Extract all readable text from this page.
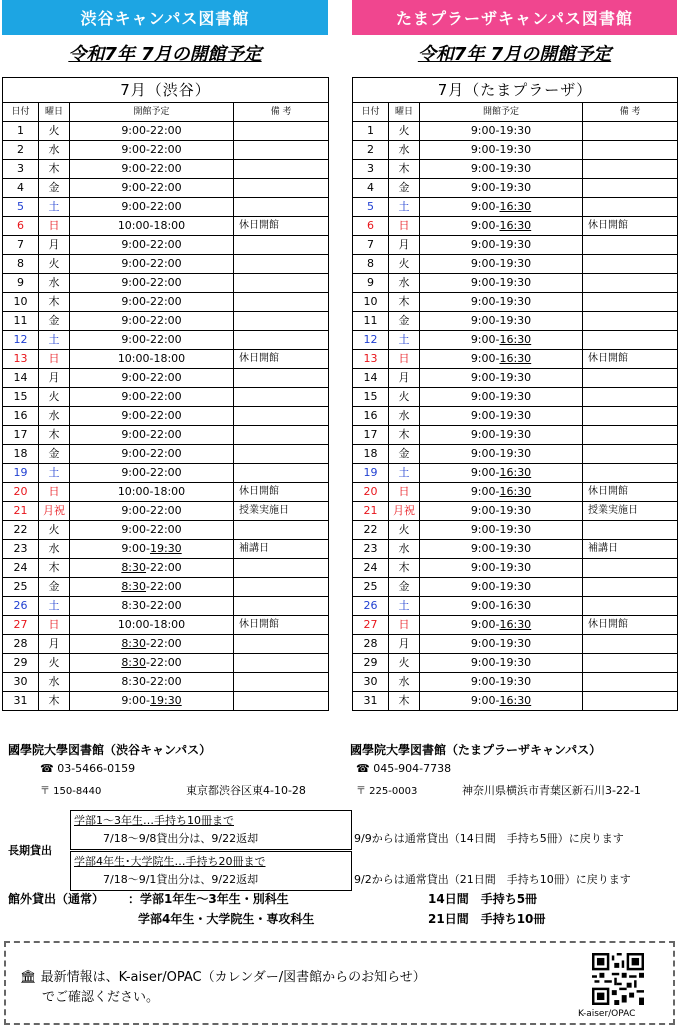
渋谷キャンパス図書館	たまプラーザキャンパス図書館
令和7年 7月の開館予定	令和7年 7月の開館予定
7月（渋谷）			
日付	曜日	開館予定	備 考
1	火	9:00-22:00	
2	水	9:00-22:00	
3	木	9:00-22:00	
4	金	9:00-22:00	
5	土	9:00-22:00	
6	日	10:00-18:00	休日開館
7	月	9:00-22:00	
8	火	9:00-22:00	
9	水	9:00-22:00	
10	木	9:00-22:00	
11	金	9:00-22:00	
12	土	9:00-22:00	
13	日	10:00-18:00	休日開館
14	月	9:00-22:00	
15	火	9:00-22:00	
16	水	9:00-22:00	
17	木	9:00-22:00	
18	金	9:00-22:00	
19	土	9:00-22:00	
20	日	10:00-18:00	休日開館
21	月祝	9:00-22:00	授業実施日
22	火	9:00-22:00	
23	水	9:00-19:30	補講日
24	木	8:30-22:00	
25	金	8:30-22:00	
26	土	8:30-22:00	
27	日	10:00-18:00	休日開館
28	月	8:30-22:00	
29	火	8:30-22:00	
30	水	8:30-22:00	
31	木	9:00-19:30	
7月（たまプラーザ）			
日付	曜日	開館予定	備 考
1	火	9:00-19:30	
2	水	9:00-19:30	
3	木	9:00-19:30	
4	金	9:00-19:30	
5	土	9:00-16:30	
6	日	9:00-16:30	休日開館
7	月	9:00-19:30	
8	火	9:00-19:30	
9	水	9:00-19:30	
10	木	9:00-19:30	
11	金	9:00-19:30	
12	土	9:00-16:30	
13	日	9:00-16:30	休日開館
14	月	9:00-19:30	
15	火	9:00-19:30	
16	水	9:00-19:30	
17	木	9:00-19:30	
18	金	9:00-19:30	
19	土	9:00-16:30	
20	日	9:00-16:30	休日開館
21	月祝	9:00-19:30	授業実施日
22	火	9:00-19:30	
23	水	9:00-19:30	補講日
24	木	9:00-19:30	
25	金	9:00-19:30	
26	土	9:00-16:30	
27	日	9:00-16:30	休日開館
28	月	9:00-19:30	
29	火	9:00-19:30	
30	水	9:00-19:30	
31	木	9:00-16:30	
國學院大學図書館（渋谷キャンパス）
☎ 03-5466-0159
〒 150-8440	東京都渋谷区東4-10-28
國學院大學図書館（たまプラーザキャンパス）
☎ 045-904-7738
〒 225-0003	神奈川県横浜市青葉区新石川3-22-1
学部1～3年生…手持ち10冊まで
7/18～9/8貸出分は、9/22返却	9/9からは通常貸出（14日間　手持ち5冊）に戻ります
長期貸出
学部4年生･大学院生…手持ち20冊まで
7/18～9/1貸出分は、9/22返却	9/2からは通常貸出（21日間　手持ち10冊）に戻ります
館外貸出（通常） ：学部1年生～3年生・別科生	14日間　手持ち5冊
学部4年生・大学院生・専攻科生	21日間　手持ち10冊
🏛 最新情報は、K-aiser/OPAC（カレンダー/図書館からのお知らせ）
でご確認ください。
K-aiser/OPAC
